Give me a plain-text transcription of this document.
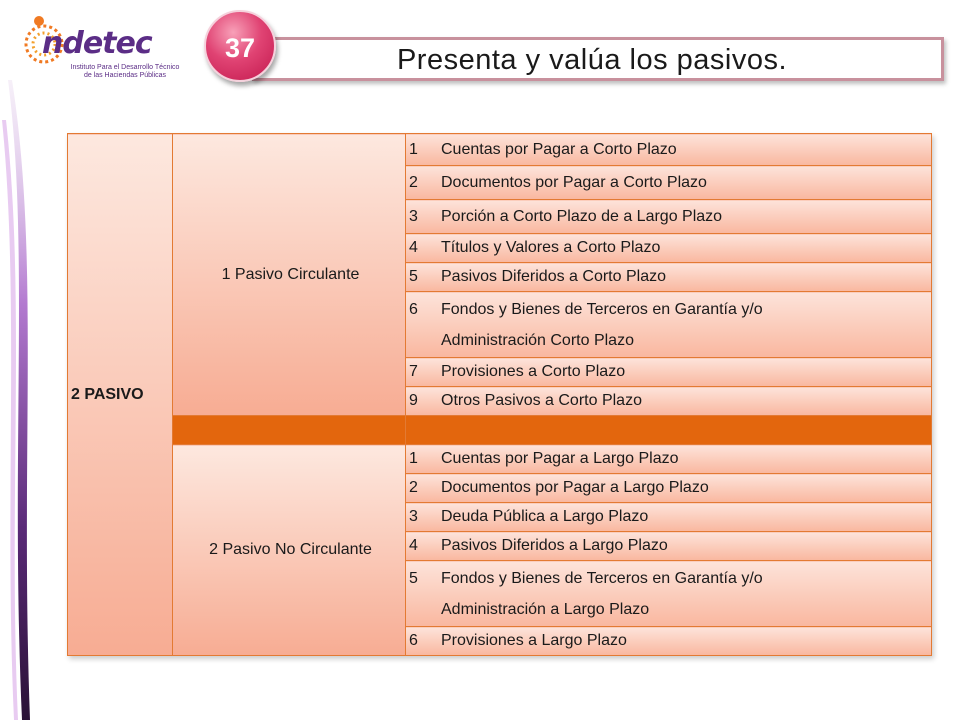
ndetec
Instituto Para el Desarrollo Técnico
de las Haciendas Públicas	Presenta y valúa los pasivos.
37
2 PASIVO	1 Pasivo Circulante	1 Cuentas por Pagar a Corto Plazo
		2 Documentos por Pagar a Corto Plazo
		3 Porción a Corto Plazo de a Largo Plazo
		4 Títulos y Valores a Corto Plazo
		5 Pasivos Diferidos a Corto Plazo
		6 Fondos y Bienes de Terceros en Garantía y/o
Administración Corto Plazo

		7 Provisiones a Corto Plazo
		9 Otros Pasivos a Corto Plazo

	2 Pasivo No Circulante	1 Cuentas por Pagar a Largo Plazo
		2 Documentos por Pagar a Largo Plazo
		3 Deuda Pública a Largo Plazo
		4 Pasivos Diferidos a Largo Plazo
		5 Fondos y Bienes de Terceros en Garantía y/o
Administración a Largo Plazo

		6 Provisiones a Largo Plazo
